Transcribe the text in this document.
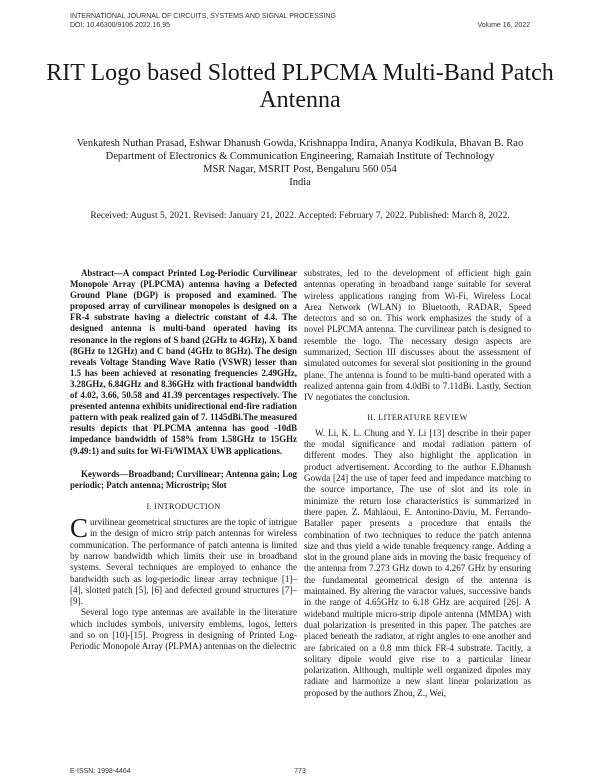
INTERNATIONAL JOURNAL OF CIRCUITS, SYSTEMS AND SIGNAL PROCESSING
DOI: 10.46300/9106.2022.16.95	Volume 16, 2022
RIT Logo based Slotted PLPCMA Multi-Band Patch Antenna
Venkatesh Nuthan Prasad, Eshwar Dhanush Gowda, Krishnappa Indira, Ananya Kodikula, Bhavan B. Rao
Department of Electronics & Communication Engineering, Ramaiah Institute of Technology
MSR Nagar, MSRIT Post, Bengaluru 560 054
India
Received: August 5, 2021. Revised: January 21, 2022. Accepted: February 7, 2022. Published: March 8, 2022.

Abstract—A compact Printed Log-Periodic Curvilinear Monopole Array (PLPCMA) antenna having a Defected Ground Plane (DGP) is proposed and examined. The proposed array of curvilinear monopoles is designed on a FR-4 substrate having a dielectric constant of 4.4. The designed antenna is multi-band operated having its resonance in the regions of S band (2GHz to 4GHz), X band (8GHz to 12GHz) and C band (4GHz to 8GHz). The design reveals Voltage Standing Wave Ratio (VSWR) lesser than 1.5 has been achieved at resonating frequencies 2.49GHz, 3.28GHz, 6.84GHz and 8.36GHz with fractional bandwidth of 4.02, 3.66, 50.58 and 41.39 percentages respectively. The presented antenna exhibits unidirectional end-fire radiation pattern with peak realized gain of 7. 1145dBi.The measured results depicts that PLPCMA antenna has good -10dB impedance bandwidth of 158% from 1.58GHz to 15GHz (9.49:1) and suits for Wi-Fi/WIMAX UWB applications.

Keywords—Broadband; Curvilinear; Antenna gain; Log periodic; Patch antenna; Microstrip; Slot

I. INTRODUCTION

Curvilinear geometrical structures are the topic of intrigue in the design of micro strip patch antennas for wireless communication. The performance of patch antenna is limited by narrow bandwidth which limits their use in broadband systems. Several techniques are employed to enhance the bandwidth such as log-periodic linear array technique [1]– [4], slotted patch [5], [6] and defected ground structures [7]– [9].

Several logo type antennas are available in the literature which includes symbols, university emblems, logos, letters and so on [10]-[15]. Progress in designing of Printed Log-Periodic Monopole Array (PLPMA) antennas on the dielectric

substrates, led to the development of efficient high gain antennas operating in broadband range suitable for several wireless applications ranging from Wi-Fi, Wireless Local Area Network (WLAN) to Bluetooth, RADAR, Speed detectors and so on. This work emphasizes the study of a novel PLPCMA antenna. The curvilinear patch is designed to resemble the logo. The necessary design aspects are summarized, Section III discusses about the assessment of simulated outcomes for several slot positioning in the ground plane. The antenna is found to be multi-band operated with a realized antenna gain from 4.0dBi to 7.11dBi. Lastly, Section IV negotiates the conclusion.

II. LITERATURE REVIEW

W. Li, K. L. Chung and Y. Li [13] describe in their paper the modal significance and modal radiation pattern of different modes. They also highlight the application in product advertisement. According to the author E.Dhanush Gowda [24] the use of taper feed and impedance matching to the source importance, The use of slot and its role in minimize the return lose characteristics is summarized in there paper. Z. Mahlaoui, E. Antonino-Daviu, M. Ferrando-Bataller paper presents a procedure that entails the combination of two techniques to reduce the patch antenna size and thus yield a wide tunable frequency range. Adding a slot in the ground plane aids in moving the basic frequency of the antenna from 7.273 GHz down to 4.267 GHz by ensuring the fundamental geometrical design of the antenna is maintained. By altering the varactor values, successive bands in the range of 4.65GHz to 6.18 GHz are acquired [26]. A wideband multiple micro-strip dipole antenna (MMDA) with dual polarization is presented in this paper. The patches are placed beneath the radiator, at right angles to one another and are fabricated on a 0.8 mm thick FR-4 substrate. Tacitly, a solitary dipole would give rise to a particular linear polarization. Although, multiple well organized dipoles may radiate and harmonize a new slant linear polarization as proposed by the authors Zhou, Z., Wei,

E-ISSN: 1998-4464	773
